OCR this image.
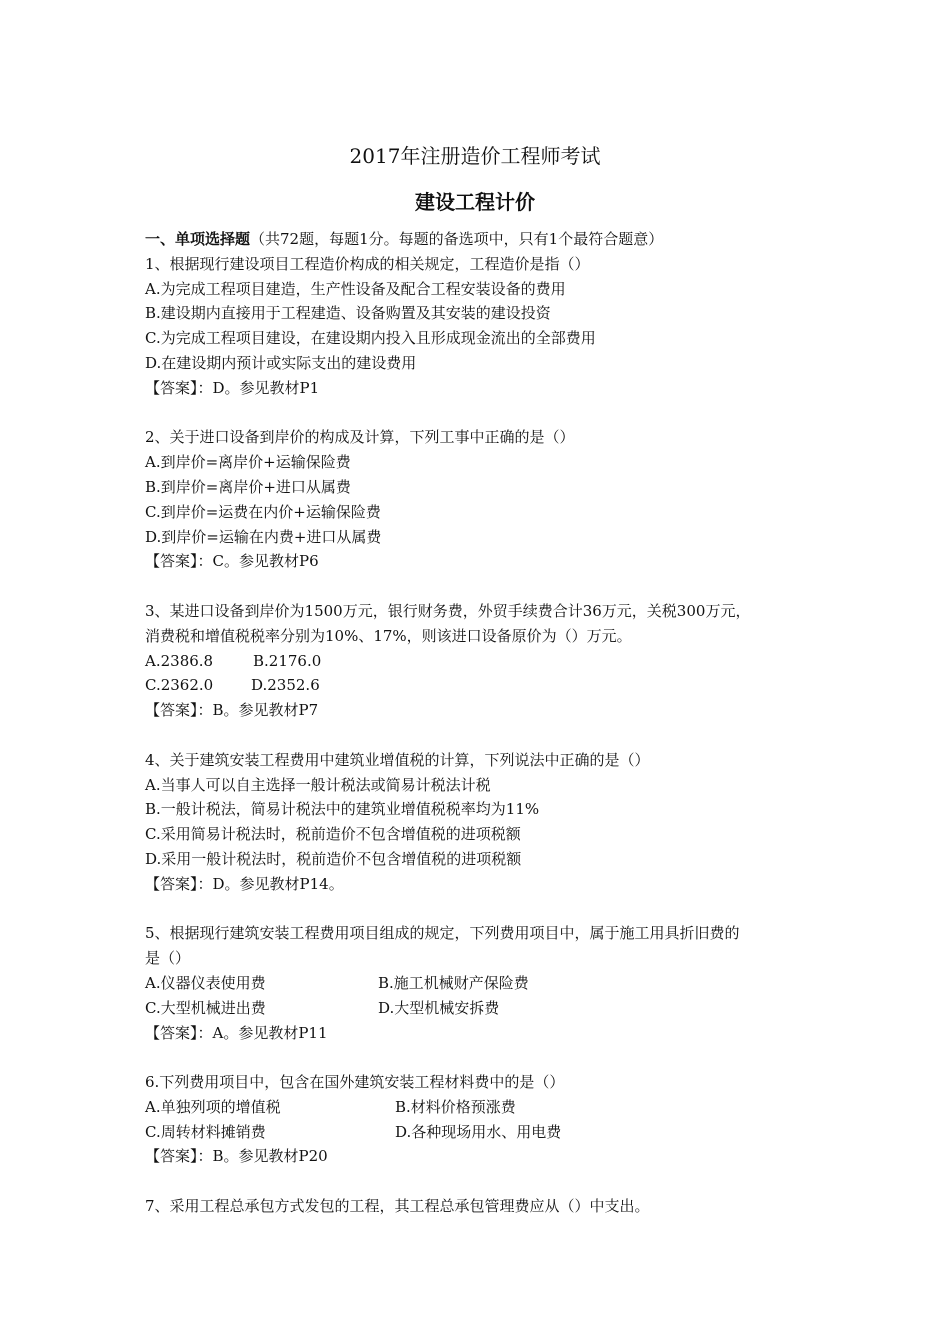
2017年注册造价工程师考试
建设工程计价
一、单项选择题（共72题，每题1分。每题的备选项中，只有1个最符合题意）
1、根据现行建设项目工程造价构成的相关规定，工程造价是指（）
A.为完成工程项目建造，生产性设备及配合工程安装设备的费用
B.建设期内直接用于工程建造、设备购置及其安装的建设投资
C.为完成工程项目建设，在建设期内投入且形成现金流出的全部费用
D.在建设期内预计或实际支出的建设费用
【答案】：D。参见教材P1
2、关于进口设备到岸价的构成及计算，下列工事中正确的是（）
A.到岸价=离岸价+运输保险费
B.到岸价=离岸价+进口从属费
C.到岸价=运费在内价+运输保险费
D.到岸价=运输在内费+进口从属费
【答案】：C。参见教材P6
3、某进口设备到岸价为1500万元，银行财务费，外贸手续费合计36万元，关税300万元，
消费税和增值税税率分别为10%、17%，则该进口设备原价为（）万元。
A.2386.8	B.2176.0
C.2362.0	D.2352.6
【答案】：B。参见教材P7
4、关于建筑安装工程费用中建筑业增值税的计算，下列说法中正确的是（）
A.当事人可以自主选择一般计税法或简易计税法计税
B.一般计税法，简易计税法中的建筑业增值税税率均为11%
C.采用简易计税法时，税前造价不包含增值税的进项税额
D.采用一般计税法时，税前造价不包含增值税的进项税额
【答案】：D。参见教材P14。
5、根据现行建筑安装工程费用项目组成的规定，下列费用项目中，属于施工用具折旧费的
是（）
A.仪器仪表使用费	B.施工机械财产保险费
C.大型机械进出费	D.大型机械安拆费
【答案】：A。参见教材P11
6.下列费用项目中，包含在国外建筑安装工程材料费中的是（）
A.单独列项的增值税	B.材料价格预涨费
C.周转材料摊销费	D.各种现场用水、用电费
【答案】：B。参见教材P20
7、采用工程总承包方式发包的工程，其工程总承包管理费应从（）中支出。
